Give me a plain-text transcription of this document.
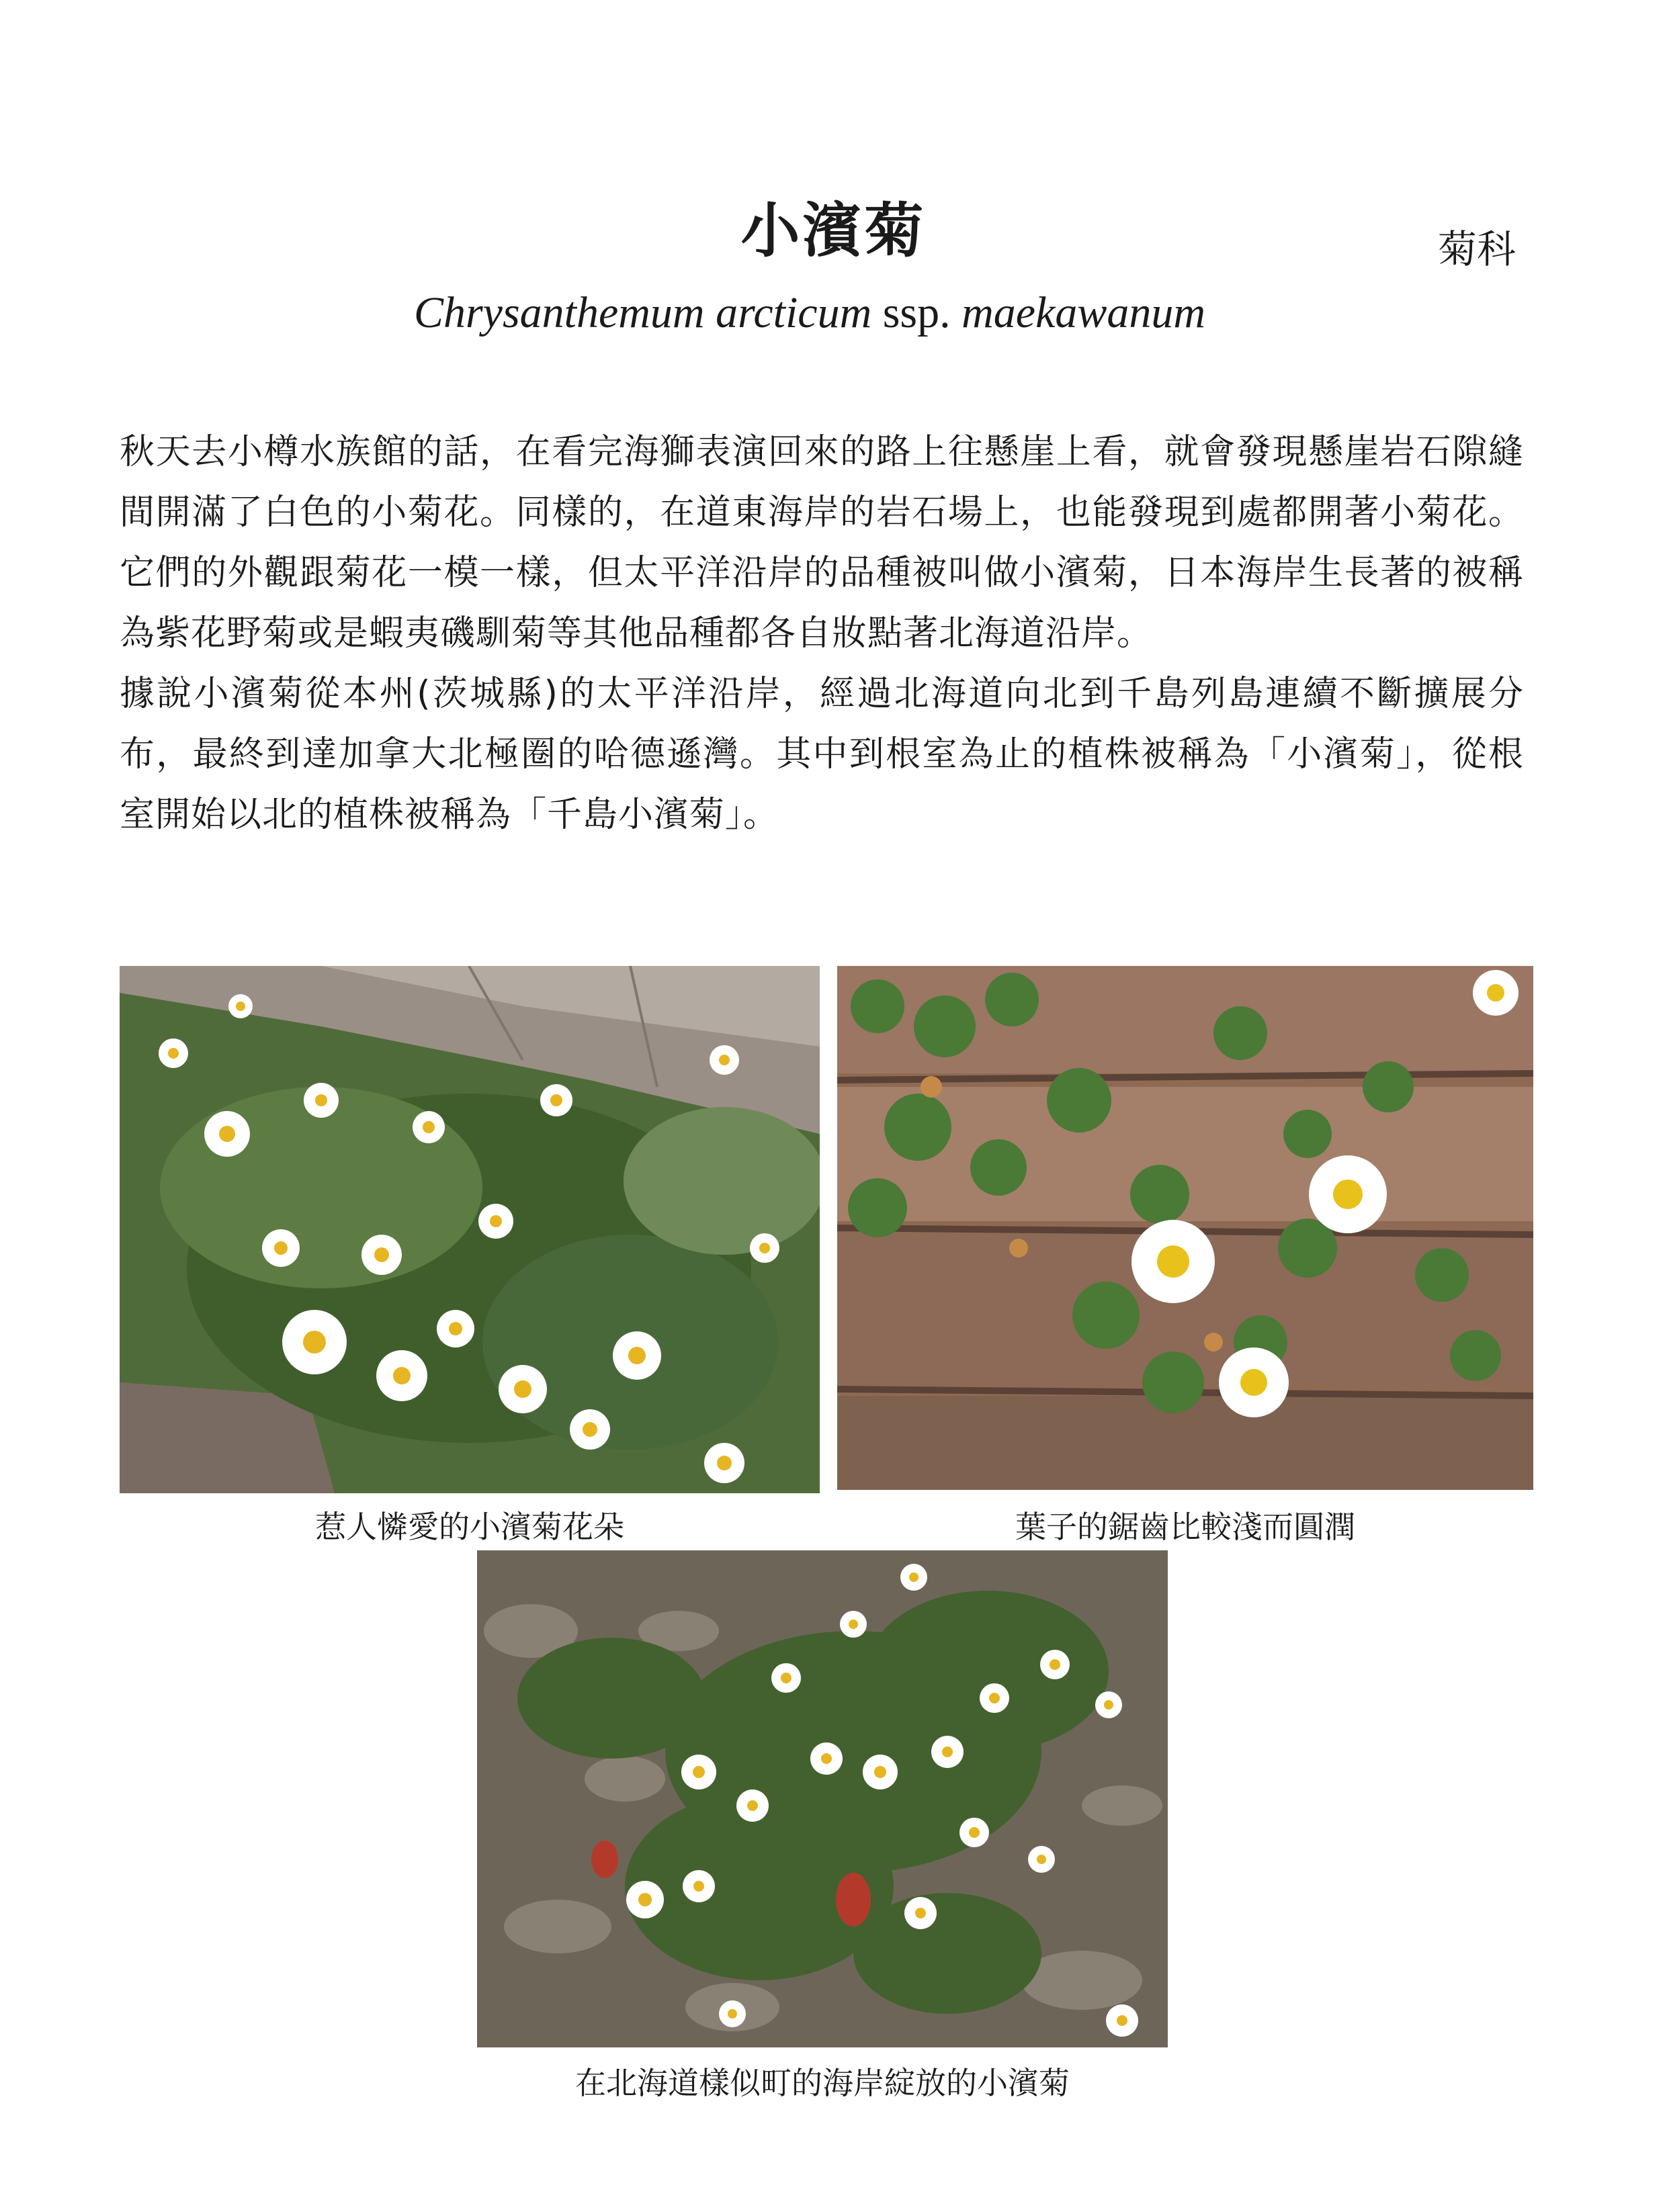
小濱菊	菊科
Chrysanthemum arcticum ssp. maekawanum

秋天去小樽水族館的話，在看完海獅表演回來的路上往懸崖上看，就會發現懸崖岩石隙縫間開滿了白色的小菊花。同樣的，在道東海岸的岩石場上，也能發現到處都開著小菊花。它們的外觀跟菊花一模一樣，但太平洋沿岸的品種被叫做小濱菊，日本海岸生長著的被稱為紫花野菊或是蝦夷磯馴菊等其他品種都各自妝點著北海道沿岸。

據說小濱菊從本州(茨城縣)的太平洋沿岸，經過北海道向北到千島列島連續不斷擴展分布，最終到達加拿大北極圈的哈德遜灣。其中到根室為止的植株被稱為「小濱菊」，從根室開始以北的植株被稱為「千島小濱菊」。

惹人憐愛的小濱菊花朵	葉子的鋸齒比較淺而圓潤
在北海道樣似町的海岸綻放的小濱菊
